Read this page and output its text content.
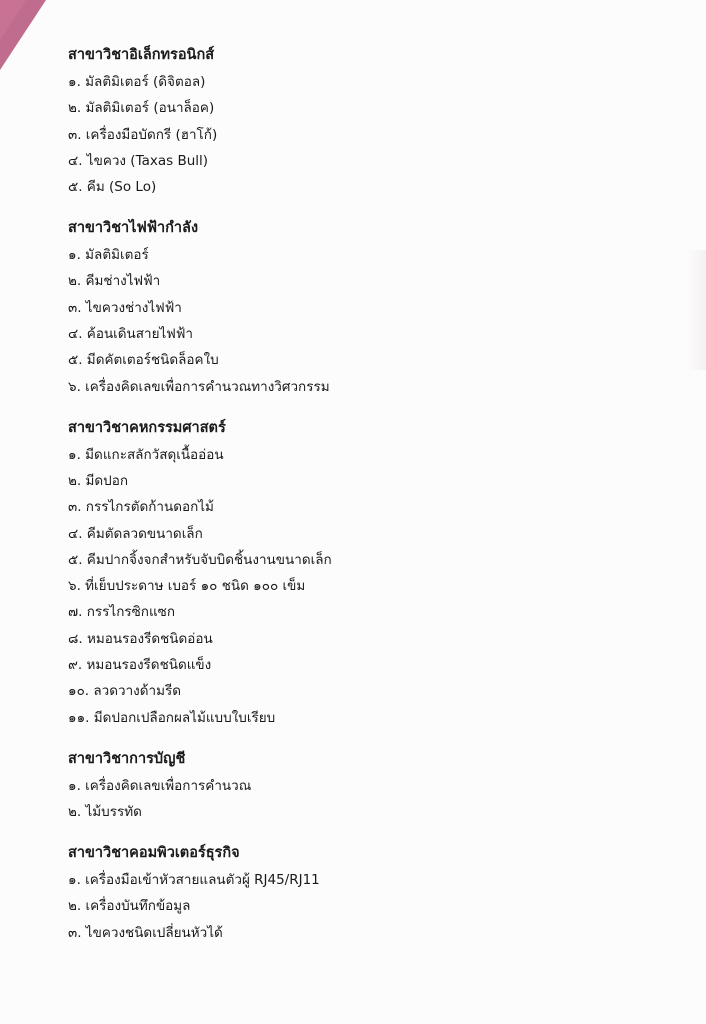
สาขาวิชาอิเล็กทรอนิกส์
๑. มัลติมิเตอร์ (ดิจิตอล)
๒. มัลติมิเตอร์ (อนาล็อค)
๓. เครื่องมือบัดกรี (ฮาโก้)
๔. ไขควง (Taxas Bull)
๕. คีม (So Lo)
สาขาวิชาไฟฟ้ากำลัง
๑. มัลติมิเตอร์
๒. คีมช่างไฟฟ้า
๓. ไขควงช่างไฟฟ้า
๔. ค้อนเดินสายไฟฟ้า
๕. มีดคัตเตอร์ชนิดล็อคใบ
๖. เครื่องคิดเลขเพื่อการคำนวณทางวิศวกรรม
สาขาวิชาคหกรรมศาสตร์
๑. มีดแกะสลักวัสดุเนื้ออ่อน
๒. มีดปอก
๓. กรรไกรตัดก้านดอกไม้
๔. คีมตัดลวดขนาดเล็ก
๕. คีมปากจิ้งจกสำหรับจับบิดชิ้นงานขนาดเล็ก
๖. ที่เย็บประดาษ เบอร์ ๑๐ ชนิด ๑๐๐ เข็ม
๗. กรรไกรซิกแซก
๘. หมอนรองรีดชนิดอ่อน
๙. หมอนรองรีดชนิดแข็ง
๑๐. ลวดวางด้ามรีด
๑๑. มีดปอกเปลือกผลไม้แบบใบเรียบ
สาขาวิชาการบัญชี
๑. เครื่องคิดเลขเพื่อการคำนวณ
๒. ไม้บรรทัด
สาขาวิชาคอมพิวเตอร์ธุรกิจ
๑. เครื่องมือเข้าหัวสายแลนตัวผู้ RJ45/RJ11
๒. เครื่องบันทึกข้อมูล
๓. ไขควงชนิดเปลี่ยนหัวได้
